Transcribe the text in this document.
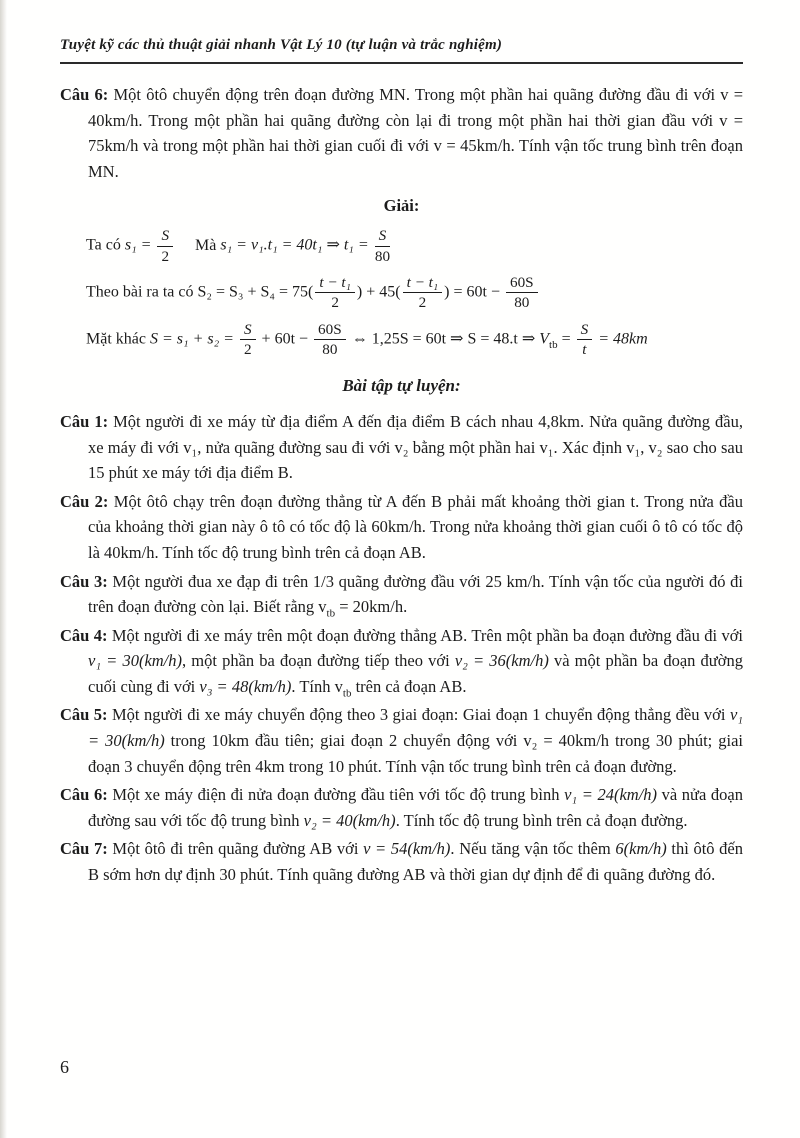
Tuyệt kỹ các thủ thuật giải nhanh Vật Lý 10 (tự luận và trắc nghiệm)

Câu 6: Một ôtô chuyển động trên đoạn đường MN. Trong một phần hai quãng đường đầu đi với v = 40km/h. Trong một phần hai quãng đường còn lại đi trong một phần hai thời gian đầu với v = 75km/h và trong một phần hai thời gian cuối đi với v = 45km/h. Tính vận tốc trung bình trên đoạn MN.

Giải:

Ta có $s_1 = \frac{S}{2}$ Mà s₁ = v₁.t₁ = 40t₁ ⇒ $t_1 = \frac{S}{80}$
Theo bài ra ta có $S_2 = S_3 + S_4 = 75( \frac{\text{t − t₁}}{2}$ ) + $45( \frac{\text{t − t₁}}{2}$ ) = $60t - \frac{60S}{80}$
Mặt khác $S = s_1 + s_2 = \frac{S}{2} + 60t - \frac{60S}{80}$ ⇔ 1,25S = 60t ⇒ S = 48.t ⇒ $V_{tb} = \frac{S}{t} = 48km$

Bài tập tự luyện:

Câu 1: Một người đi xe máy từ địa điểm A đến địa điểm B cách nhau 4,8km. Nửa quãng đường đầu, xe máy đi với v₁, nửa quãng đường sau đi với v₂ bằng một phần hai v₁. Xác định v₁, v₂ sao cho sau 15 phút xe máy tới địa điểm B.

Câu 2: Một ôtô chạy trên đoạn đường thẳng từ A đến B phải mất khoảng thời gian t. Trong nửa đầu của khoảng thời gian này ô tô có tốc độ là 60km/h. Trong nửa khoảng thời gian cuối ô tô có tốc độ là 40km/h. Tính tốc độ trung bình trên cả đoạn AB.

Câu 3: Một người đua xe đạp đi trên 1/3 quãng đường đầu với 25 km/h. Tính vận tốc của người đó đi trên đoạn đường còn lại. Biết rằng $v_{tb} = 20km/h$.

Câu 4: Một người đi xe máy trên một đoạn đường thẳng AB. Trên một phần ba đoạn đường đầu đi với v₁ = 30(km/h), một phần ba đoạn đường tiếp theo với v₂ = 36(km/h) và một phần ba đoạn đường cuối cùng đi với v₃ = 48(km/h). Tính $v_{tb}$ trên cả đoạn AB.

Câu 5: Một người đi xe máy chuyển động theo 3 giai đoạn: Giai đoạn 1 chuyển động thẳng đều với v₁ = 30(km/h) trong 10km đầu tiên; giai đoạn 2 chuyển động với v₂ = 40km/h trong 30 phút; giai đoạn 3 chuyển động trên 4km trong 10 phút. Tính vận tốc trung bình trên cả đoạn đường.

Câu 6: Một xe máy điện đi nửa đoạn đường đầu tiên với tốc độ trung bình v₁ = 24(km/h) và nửa đoạn đường sau với tốc độ trung bình v₂ = 40(km/h). Tính tốc độ trung bình trên cả đoạn đường.

Câu 7: Một ôtô đi trên quãng đường AB với v = 54(km/h). Nếu tăng vận tốc thêm 6(km/h) thì ôtô đến B sớm hơn dự định 30 phút. Tính quãng đường AB và thời gian dự định để đi quãng đường đó.

6
